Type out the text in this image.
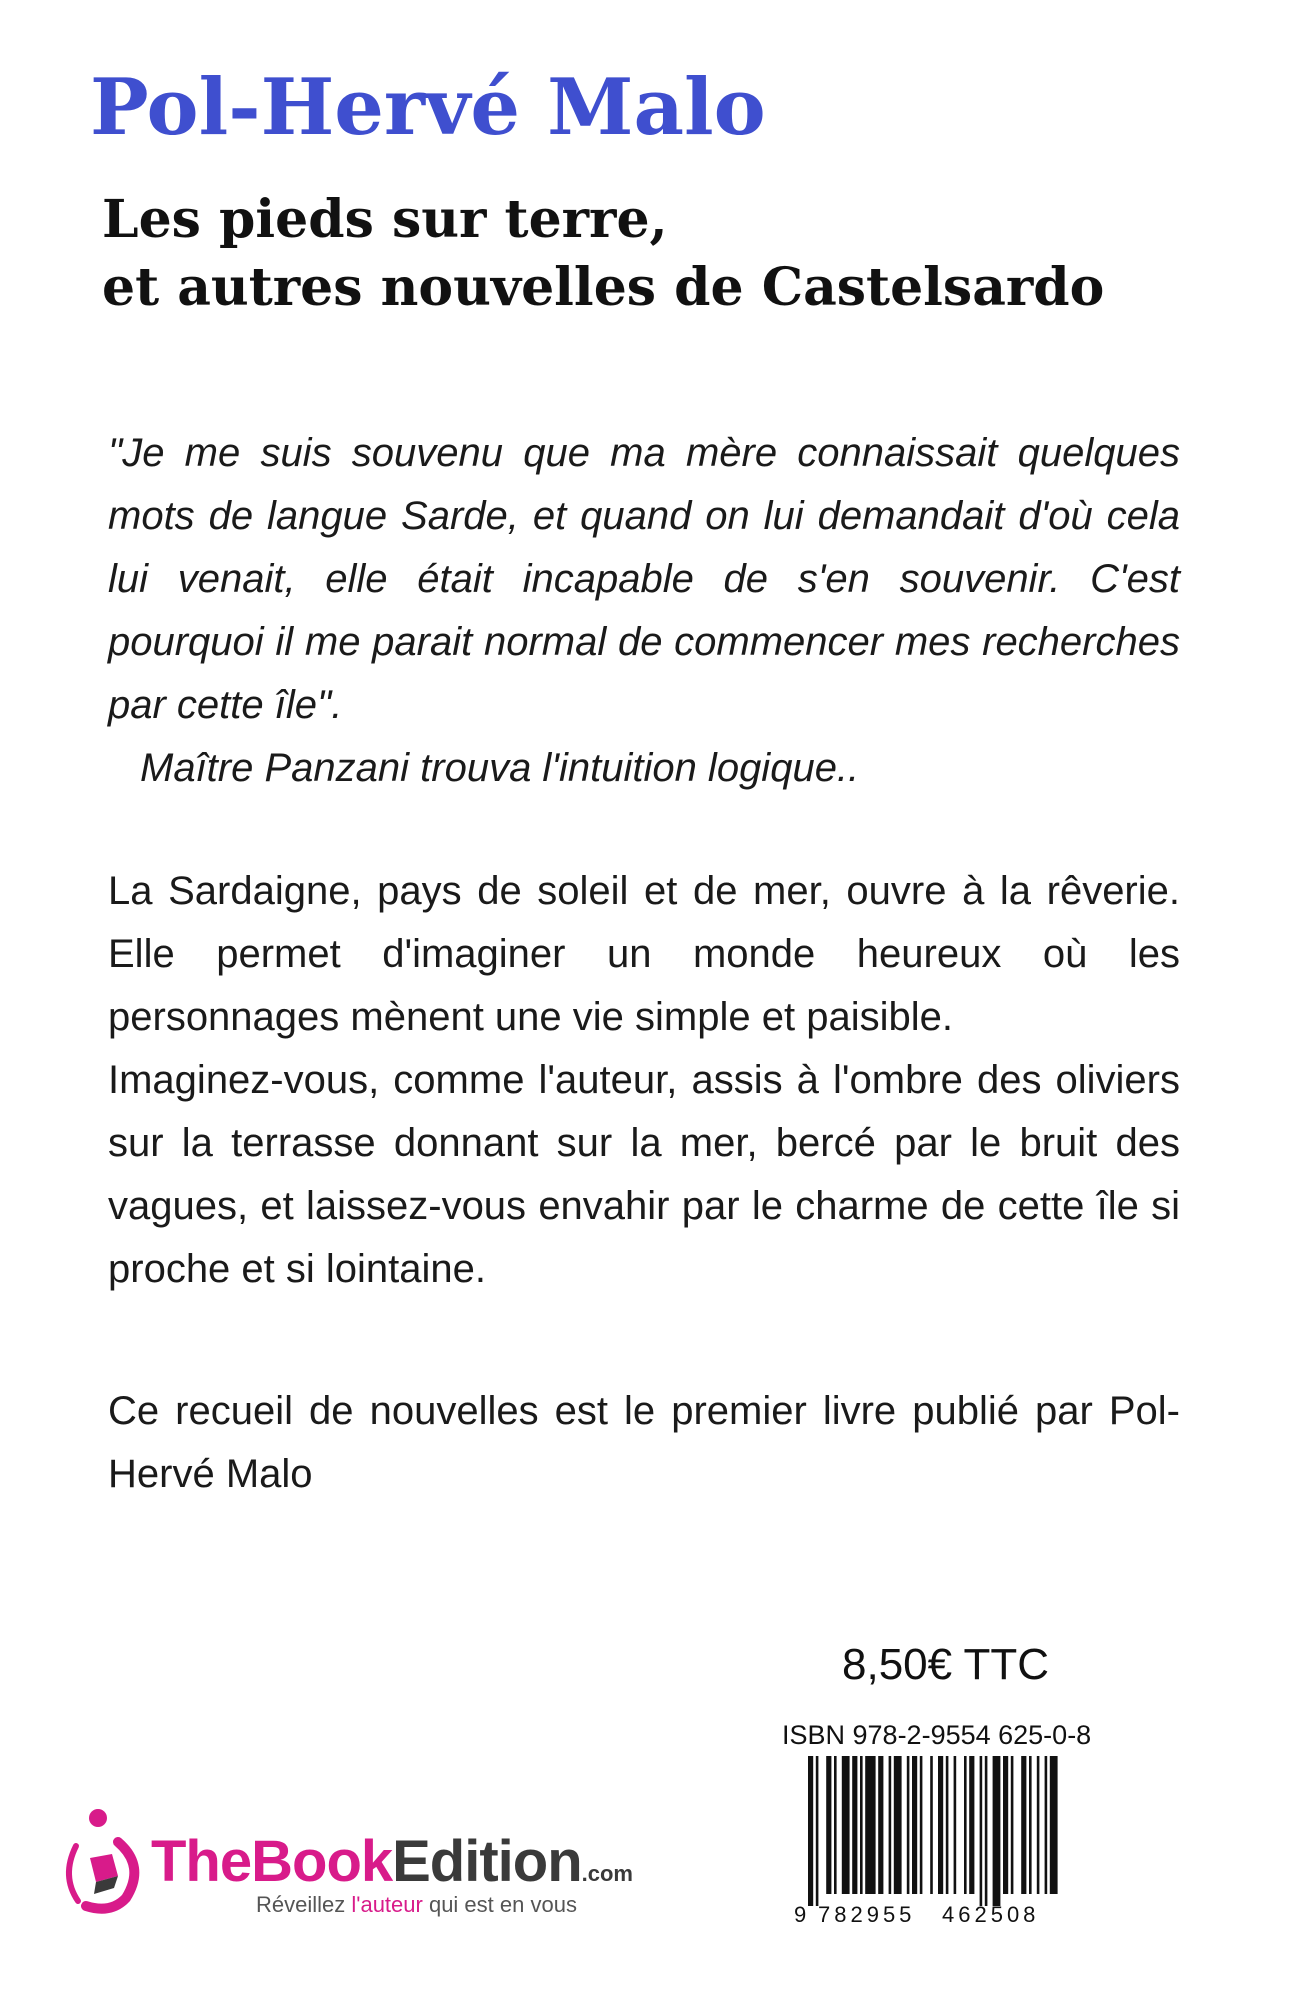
Pol-Hervé Malo
Les pieds sur terre,
et autres nouvelles de Castelsardo

"Je me suis souvenu que ma mère connaissait quelques mots de langue Sarde, et quand on lui demandait d'où cela lui venait, elle était incapable de s'en souvenir. C'est pourquoi il me parait normal de commencer mes recherches par cette île".

Maître Panzani trouva l'intuition logique..

La Sardaigne, pays de soleil et de mer, ouvre à la rêverie. Elle permet d'imaginer un monde heureux où les personnages mènent une vie simple et paisible.

Imaginez-vous, comme l'auteur, assis à l'ombre des oliviers sur la terrasse donnant sur la mer, bercé par le bruit des vagues, et laissez-vous envahir par le charme de cette île si proche et si lointaine.

Ce recueil de nouvelles est le premier livre publié par Pol-Hervé Malo

8,50€ TTC
ISBN 978-2-9554 625-0-8
9 782955 462508
TheBookEdition.com
Réveillez l'auteur qui est en vous
